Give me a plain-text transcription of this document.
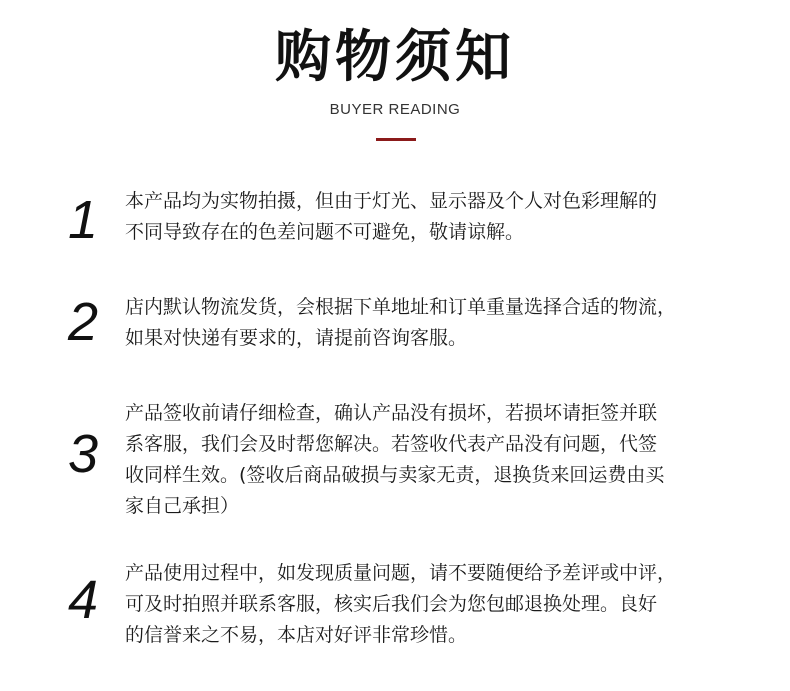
购物须知
BUYER READING
1	本产品均为实物拍摄，但由于灯光、显示器及个人对色彩理解的
不同导致存在的色差问题不可避免，敬请谅解。
2	店内默认物流发货，会根据下单地址和订单重量选择合适的物流，
如果对快递有要求的，请提前咨询客服。
3
产品签收前请仔细检查，确认产品没有损坏，若损坏请拒签并联
系客服，我们会及时帮您解决。若签收代表产品没有问题，代签
收同样生效。(签收后商品破损与卖家无责，退换货来回运费由买
家自己承担）
4	产品使用过程中，如发现质量问题，请不要随便给予差评或中评，
可及时拍照并联系客服，核实后我们会为您包邮退换处理。良好
的信誉来之不易，本店对好评非常珍惜。
